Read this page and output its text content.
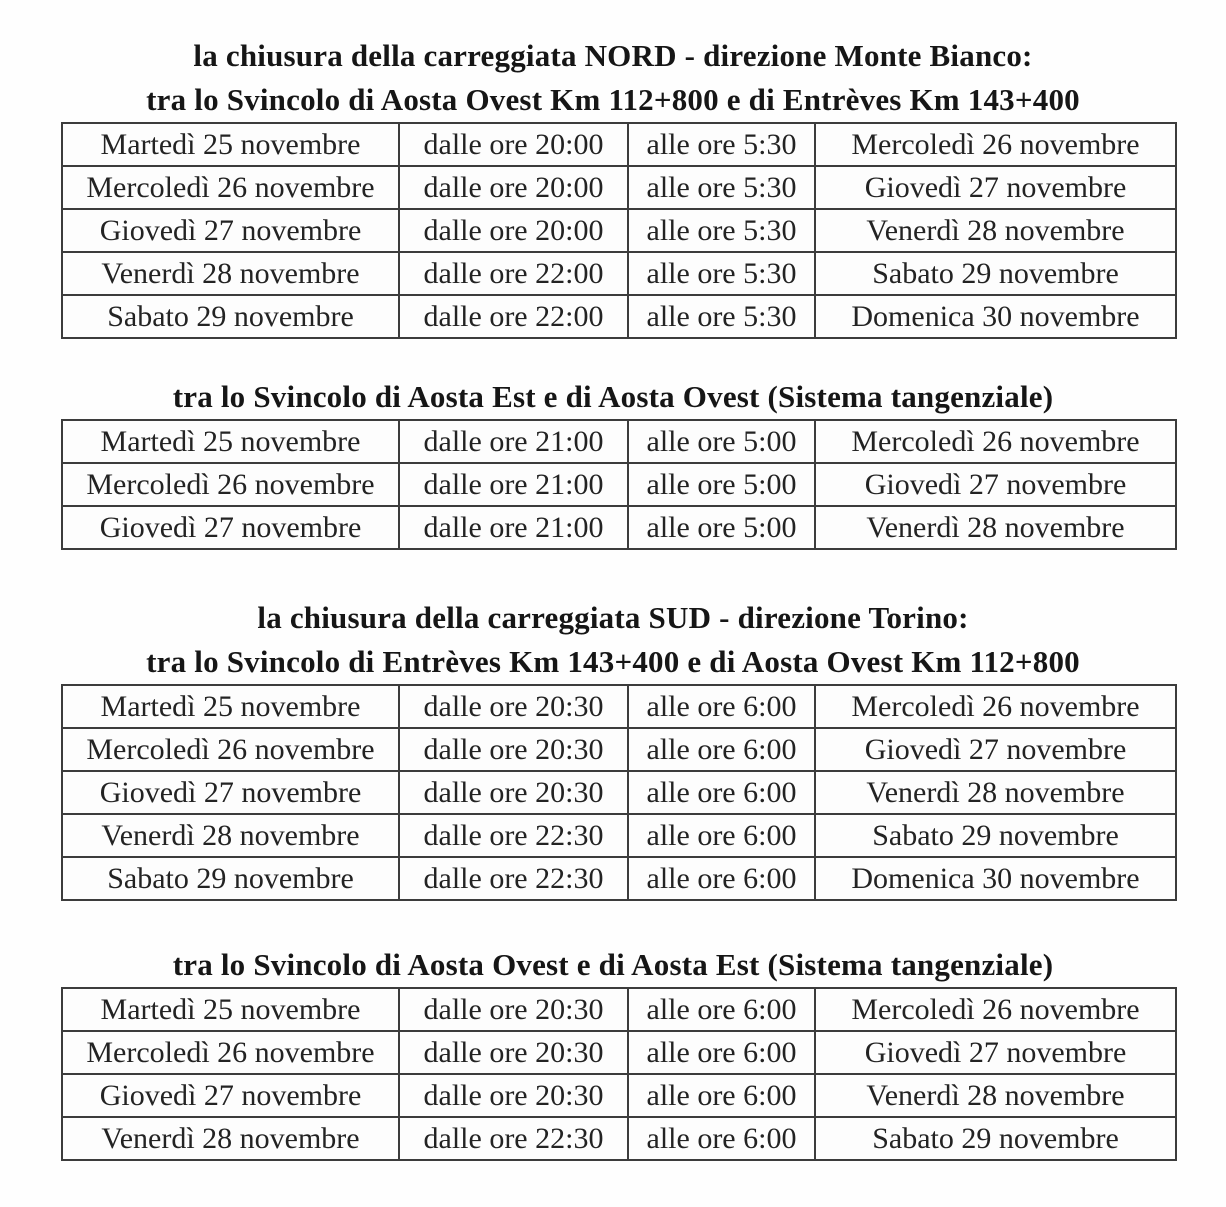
la chiusura della carreggiata NORD - direzione Monte Bianco:
tra lo Svincolo di Aosta Ovest Km 112+800 e di Entrèves Km 143+400
Martedì 25 novembre	dalle ore 20:00	alle ore 5:30	Mercoledì 26 novembre
Mercoledì 26 novembre	dalle ore 20:00	alle ore 5:30	Giovedì 27 novembre
Giovedì 27 novembre	dalle ore 20:00	alle ore 5:30	Venerdì 28 novembre
Venerdì 28 novembre	dalle ore 22:00	alle ore 5:30	Sabato 29 novembre
Sabato 29 novembre	dalle ore 22:00	alle ore 5:30	Domenica 30 novembre
tra lo Svincolo di Aosta Est e di Aosta Ovest (Sistema tangenziale)
Martedì 25 novembre	dalle ore 21:00	alle ore 5:00	Mercoledì 26 novembre
Mercoledì 26 novembre	dalle ore 21:00	alle ore 5:00	Giovedì 27 novembre
Giovedì 27 novembre	dalle ore 21:00	alle ore 5:00	Venerdì 28 novembre
la chiusura della carreggiata SUD - direzione Torino:
tra lo Svincolo di Entrèves Km 143+400 e di Aosta Ovest Km 112+800
Martedì 25 novembre	dalle ore 20:30	alle ore 6:00	Mercoledì 26 novembre
Mercoledì 26 novembre	dalle ore 20:30	alle ore 6:00	Giovedì 27 novembre
Giovedì 27 novembre	dalle ore 20:30	alle ore 6:00	Venerdì 28 novembre
Venerdì 28 novembre	dalle ore 22:30	alle ore 6:00	Sabato 29 novembre
Sabato 29 novembre	dalle ore 22:30	alle ore 6:00	Domenica 30 novembre
tra lo Svincolo di Aosta Ovest e di Aosta Est (Sistema tangenziale)
Martedì 25 novembre	dalle ore 20:30	alle ore 6:00	Mercoledì 26 novembre
Mercoledì 26 novembre	dalle ore 20:30	alle ore 6:00	Giovedì 27 novembre
Giovedì 27 novembre	dalle ore 20:30	alle ore 6:00	Venerdì 28 novembre
Venerdì 28 novembre	dalle ore 22:30	alle ore 6:00	Sabato 29 novembre
